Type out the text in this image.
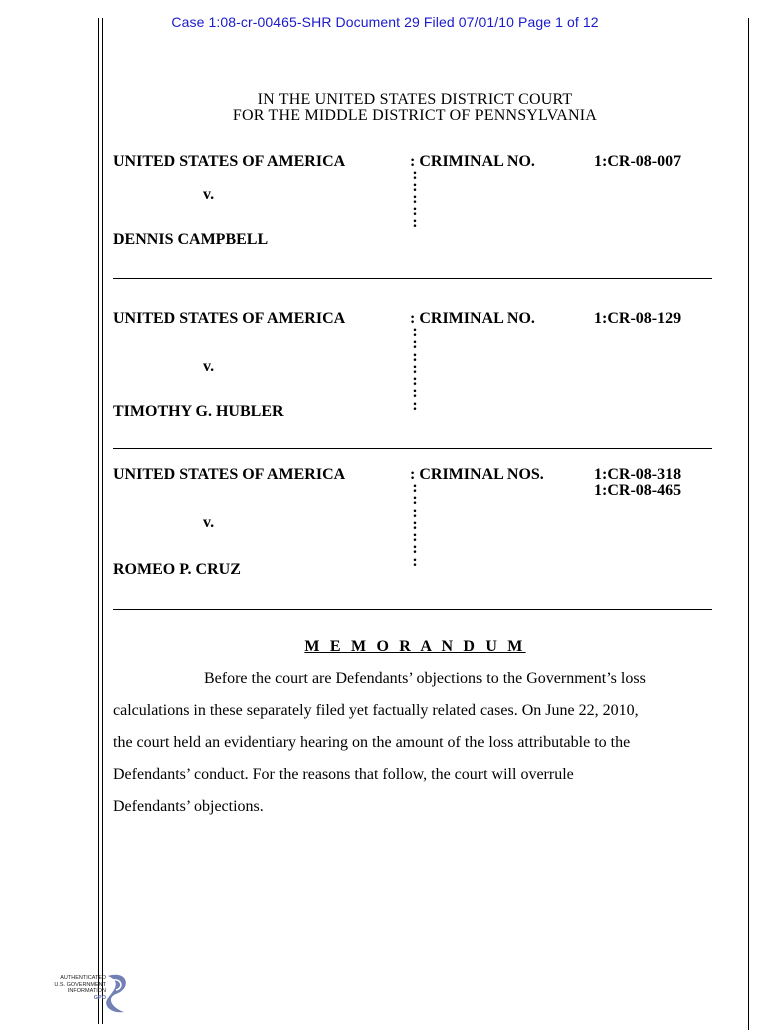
Case 1:08-cr-00465-SHR Document 29 Filed 07/01/10 Page 1 of 12
IN THE UNITED STATES DISTRICT COURT
FOR THE MIDDLE DISTRICT OF PENNSYLVANIA
UNITED STATES OF AMERICA	: CRIMINAL NO.	1:CR-08-007
:
:
:
:
:
v.
DENNIS CAMPBELL
UNITED STATES OF AMERICA	: CRIMINAL NO.	1:CR-08-129
:
:
:
:
:
:
:
v.
TIMOTHY G. HUBLER
UNITED STATES OF AMERICA	: CRIMINAL NOS.	1:CR-08-318
1:CR-08-465
:
:
:
:
:
:
:
v.
ROMEO P. CRUZ
M E M O R A N D U M
Before the court are Defendants’ objections to the Government’s loss
calculations in these separately filed yet factually related cases. On June 22, 2010,
the court held an evidentiary hearing on the amount of the loss attributable to the
Defendants’ conduct. For the reasons that follow, the court will overrule
Defendants’ objections.
AUTHENTICATED
U.S. GOVERNMENT
INFORMATION
GPO
